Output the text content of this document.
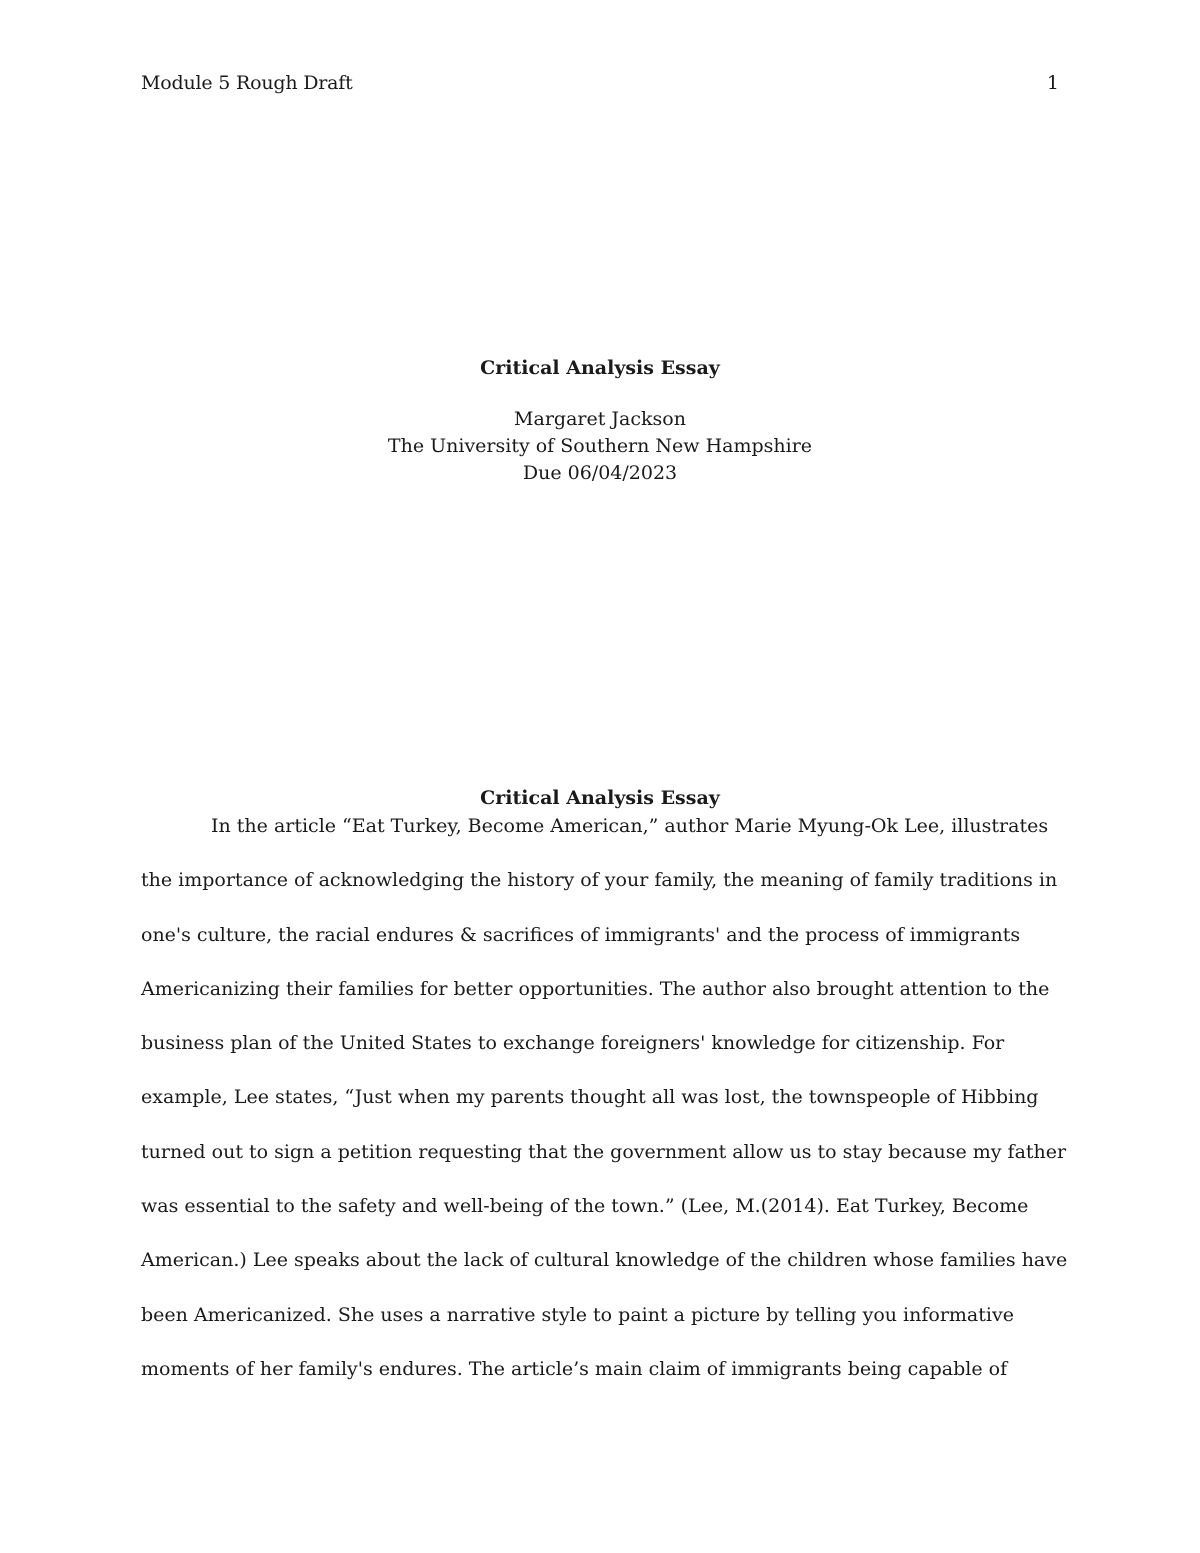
Module 5 Rough Draft	1
Critical Analysis Essay
Margaret Jackson
The University of Southern New Hampshire
Due 06/04/2023
Critical Analysis Essay
In the article “Eat Turkey, Become American,” author Marie Myung-Ok Lee, illustrates
the importance of acknowledging the history of your family, the meaning of family traditions in
one's culture, the racial endures & sacrifices of immigrants' and the process of immigrants
Americanizing their families for better opportunities. The author also brought attention to the
business plan of the United States to exchange foreigners' knowledge for citizenship. For
example, Lee states, “Just when my parents thought all was lost, the townspeople of Hibbing
turned out to sign a petition requesting that the government allow us to stay because my father
was essential to the safety and well-being of the town.” (Lee, M.(2014). Eat Turkey, Become
American.) Lee speaks about the lack of cultural knowledge of the children whose families have
been Americanized. She uses a narrative style to paint a picture by telling you informative
moments of her family's endures. The article’s main claim of immigrants being capable of
